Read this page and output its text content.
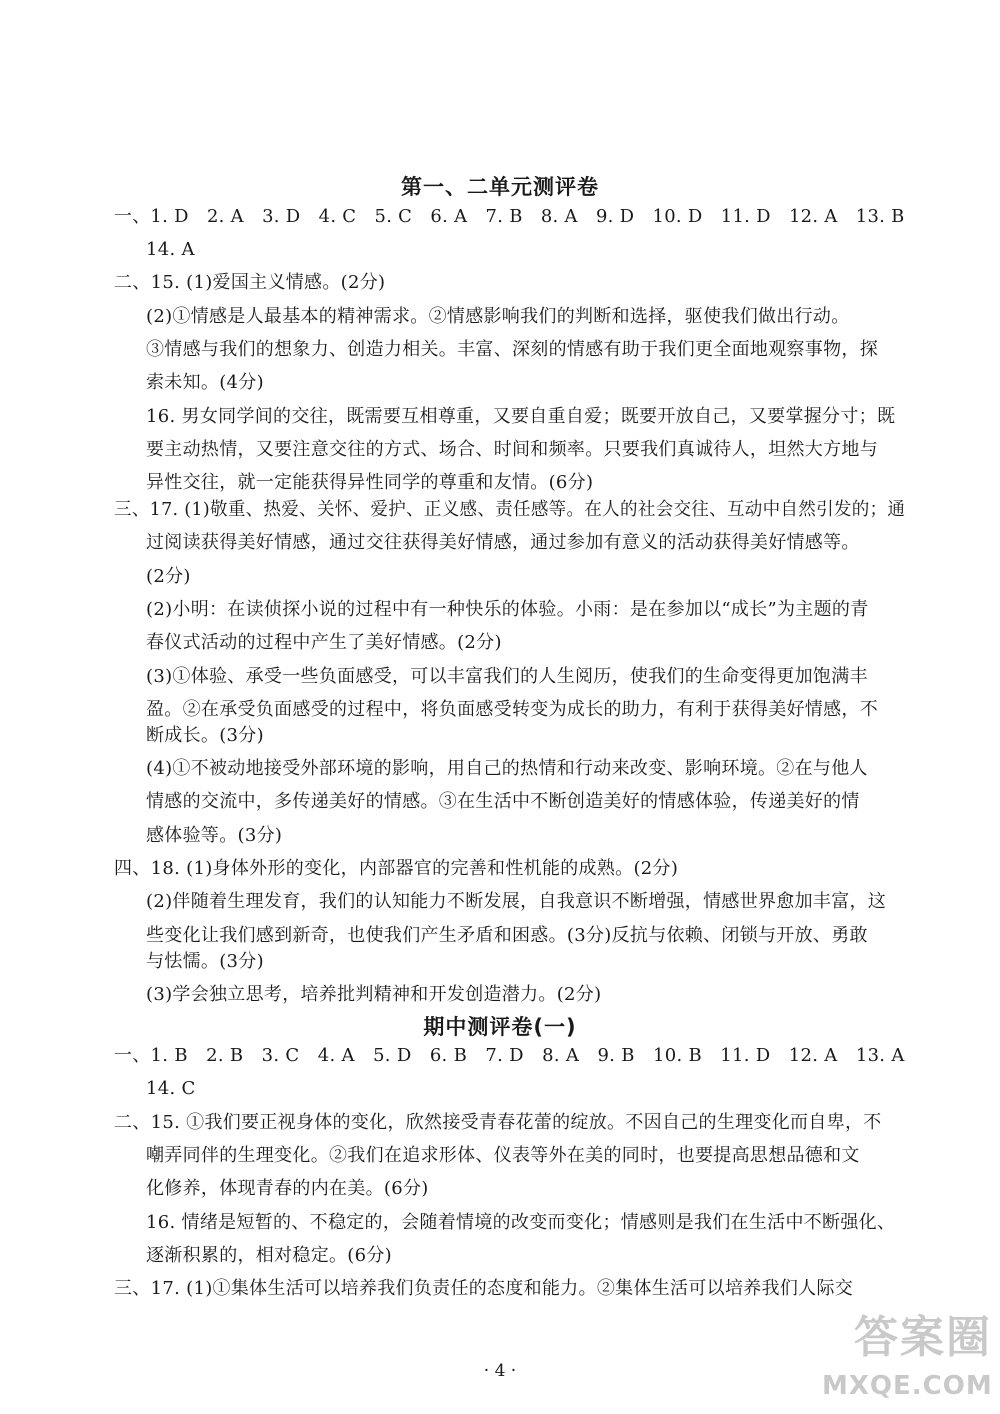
第一、二单元测评卷
一、1. D　2. A　3. D　4. C　5. C　6. A　7. B　8. A　9. D　10. D　11. D　12. A　13. B
14. A
二、15. (1)爱国主义情感。(2分)
(2)①情感是人最基本的精神需求。②情感影响我们的判断和选择，驱使我们做出行动。
③情感与我们的想象力、创造力相关。丰富、深刻的情感有助于我们更全面地观察事物，探
索未知。(4分)
16. 男女同学间的交往，既需要互相尊重，又要自重自爱；既要开放自己，又要掌握分寸；既
要主动热情，又要注意交往的方式、场合、时间和频率。只要我们真诚待人，坦然大方地与
异性交往，就一定能获得异性同学的尊重和友情。(6分)
三、17. (1)敬重、热爱、关怀、爱护、正义感、责任感等。在人的社会交往、互动中自然引发的；通
过阅读获得美好情感，通过交往获得美好情感，通过参加有意义的活动获得美好情感等。
(2分)
(2)小明：在读侦探小说的过程中有一种快乐的体验。小雨：是在参加以“成长”为主题的青
春仪式活动的过程中产生了美好情感。(2分)
(3)①体验、承受一些负面感受，可以丰富我们的人生阅历，使我们的生命变得更加饱满丰
盈。②在承受负面感受的过程中，将负面感受转变为成长的助力，有利于获得美好情感，不
断成长。(3分)
(4)①不被动地接受外部环境的影响，用自己的热情和行动来改变、影响环境。②在与他人
情感的交流中，多传递美好的情感。③在生活中不断创造美好的情感体验，传递美好的情
感体验等。(3分)
四、18. (1)身体外形的变化，内部器官的完善和性机能的成熟。(2分)
(2)伴随着生理发育，我们的认知能力不断发展，自我意识不断增强，情感世界愈加丰富，这
些变化让我们感到新奇，也使我们产生矛盾和困惑。(3分)反抗与依赖、闭锁与开放、勇敢
与怯懦。(3分)
(3)学会独立思考，培养批判精神和开发创造潜力。(2分)
期中测评卷(一)
一、1. B　2. B　3. C　4. A　5. D　6. B　7. D　8. A　9. B　10. B　11. D　12. A　13. A
14. C
二、15. ①我们要正视身体的变化，欣然接受青春花蕾的绽放。不因自己的生理变化而自卑，不
嘲弄同伴的生理变化。②我们在追求形体、仪表等外在美的同时，也要提高思想品德和文
化修养，体现青春的内在美。(6分)
16. 情绪是短暂的、不稳定的，会随着情境的改变而变化；情感则是我们在生活中不断强化、
逐渐积累的，相对稳定。(6分)
三、17. (1)①集体生活可以培养我们负责任的态度和能力。②集体生活可以培养我们人际交
· 4 ·
答案圈
MXQE.COM
